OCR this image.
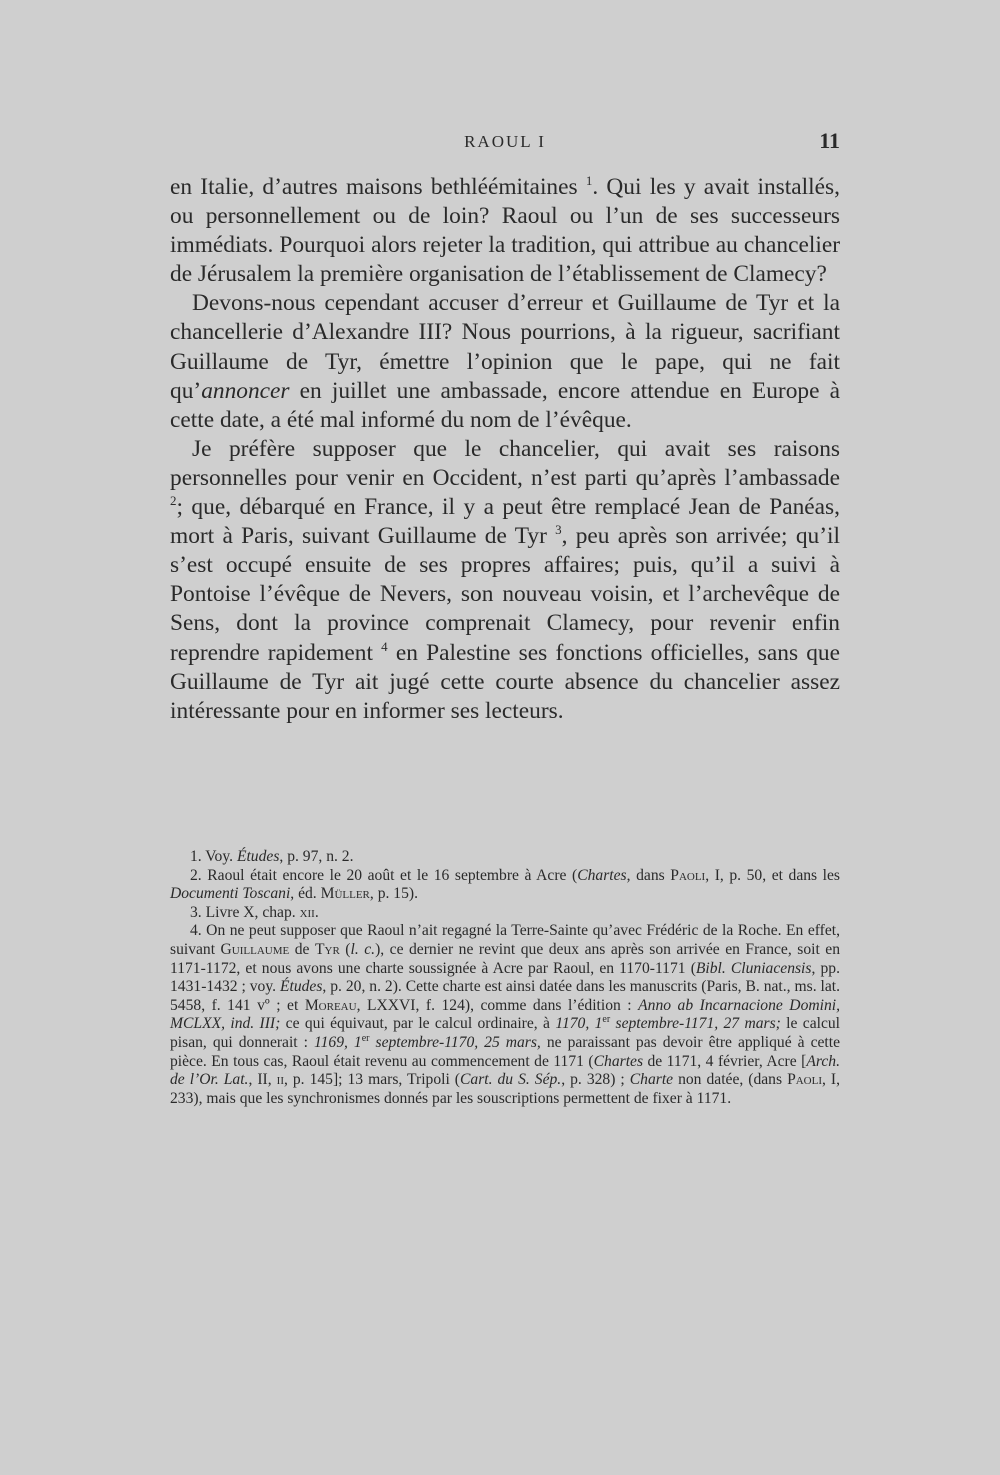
RAOUL I	11

en Italie, d’autres maisons bethléémitaines $^1$. Qui les y avait installés, ou personnellement ou de loin? Raoul ou l’un de ses successeurs immédiats. Pourquoi alors rejeter la tradition, qui attribue au chancelier de Jérusalem la première organisation de l’établissement de Clamecy?

Devons-nous cependant accuser d’erreur et Guillaume de Tyr et la chancellerie d’Alexandre III? Nous pourrions, à la rigueur, sacrifiant Guillaume de Tyr, émettre l’opinion que le pape, qui ne fait qu’annoncer en juillet une ambassade, encore attendue en Europe à cette date, a été mal informé du nom de l’évêque.

Je préfère supposer que le chancelier, qui avait ses raisons personnelles pour venir en Occident, n’est parti qu’après l’ambassade $^2$; que, débarqué en France, il y a peut être remplacé Jean de Panéas, mort à Paris, suivant Guillaume de Tyr $^3$, peu après son arrivée; qu’il s’est occupé ensuite de ses propres affaires; puis, qu’il a suivi à Pontoise l’évêque de Nevers, son nouveau voisin, et l’archevêque de Sens, dont la province comprenait Clamecy, pour revenir enfin reprendre rapidement $^4$ en Palestine ses fonctions officielles, sans que Guillaume de Tyr ait jugé cette courte absence du chancelier assez intéressante pour en informer ses lecteurs.

1. Voy. Études, p. 97, n. 2.

2. Raoul était encore le 20 août et le 16 septembre à Acre (Chartes, dans Paoli, I, p. 50, et dans les Documenti Toscani, éd. Müller, p. 15).

3. Livre X, chap. xii.

4. On ne peut supposer que Raoul n’ait regagné la Terre-Sainte qu’avec Frédéric de la Roche. En effet, suivant Guillaume de Tyr (l. c.), ce dernier ne revint que deux ans après son arrivée en France, soit en 1171-1172, et nous avons une charte soussignée à Acre par Raoul, en 1170-1171 (Bibl. Cluniacensis, pp. 1431-1432 ; voy. Études, p. 20, n. 2). Cette charte est ainsi datée dans les manuscrits (Paris, B. nat., ms. lat. 5458, f. 141 vº ; et Moreau, LXXVI, f. 124), comme dans l’édition : Anno ab Incarnacione Domini, MCLXX, ind. III; ce qui équivaut, par le calcul ordinaire, à 1170, 1er septembre-1171, 27 mars; le calcul pisan, qui donnerait : 1169, 1er septembre-1170, 25 mars, ne paraissant pas devoir être appliqué à cette pièce. En tous cas, Raoul était revenu au commencement de 1171 (Chartes de 1171, 4 février, Acre [Arch. de l’Or. Lat., II, ii, p. 145]; 13 mars, Tripoli (Cart. du S. Sép., p. 328) ; Charte non datée, (dans Paoli, I, 233), mais que les synchronismes donnés par les souscriptions permettent de fixer à 1171.
